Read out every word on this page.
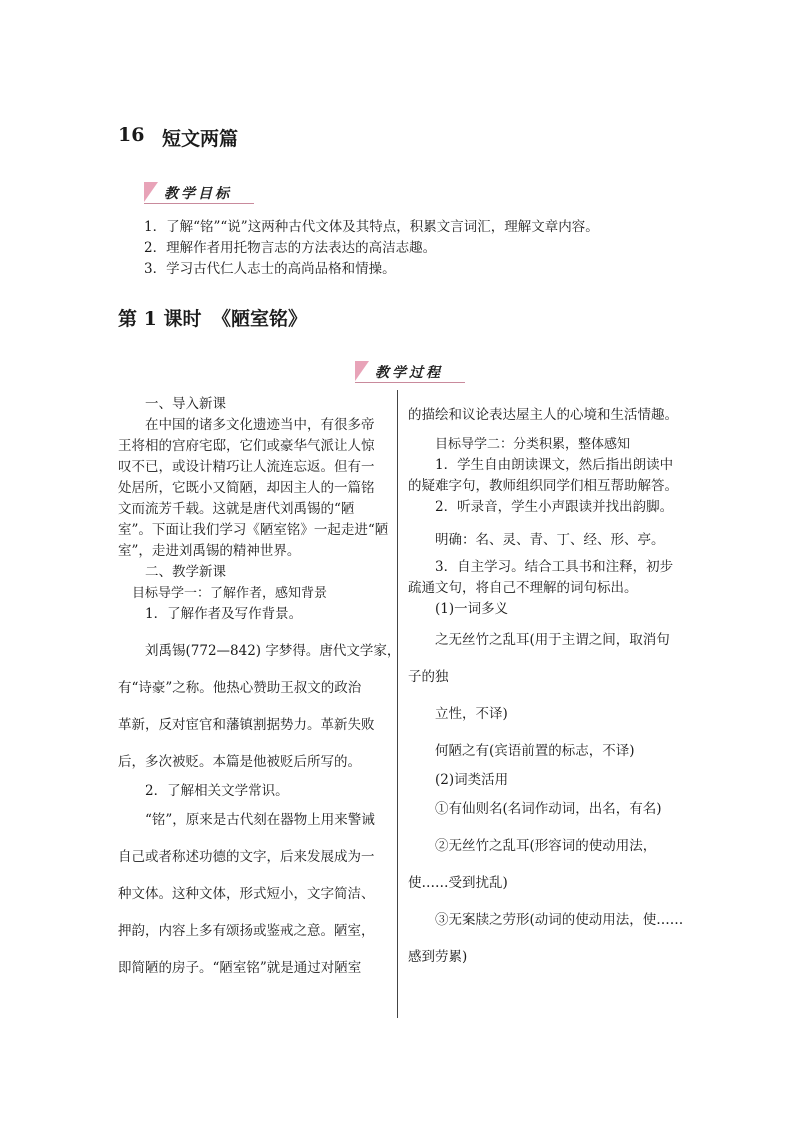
16 短文两篇
教学目标
1．了解“铭”“说”这两种古代文体及其特点，积累文言词汇，理解文章内容。
2．理解作者用托物言志的方法表达的高洁志趣。
3．学习古代仁人志士的高尚品格和情操。
第 1 课时 《陋室铭》
教学过程
一、导入新课
在中国的诸多文化遗迹当中，有很多帝
王将相的宫府宅邸，它们或豪华气派让人惊
叹不已，或设计精巧让人流连忘返。但有一
处居所，它既小又简陋，却因主人的一篇铭
文而流芳千载。这就是唐代刘禹锡的“陋
室”。下面让我们学习《陋室铭》一起走进“陋
室”，走进刘禹锡的精神世界。
二、教学新课
目标导学一：了解作者，感知背景
1．了解作者及写作背景。
刘禹锡(772—842) 字梦得。唐代文学家，
有“诗豪”之称。他热心赞助王叔文的政治
革新，反对宦官和藩镇割据势力。革新失败
后，多次被贬。本篇是他被贬后所写的。
2．了解相关文学常识。
“铭”，原来是古代刻在器物上用来警诫
自己或者称述功德的文字，后来发展成为一
种文体。这种文体，形式短小，文字简洁、
押韵，内容上多有颂扬或鉴戒之意。陋室，
即简陋的房子。“陋室铭”就是通过对陋室
的描绘和议论表达屋主人的心境和生活情趣。
目标导学二：分类积累，整体感知
1．学生自由朗读课文，然后指出朗读中
的疑难字句，教师组织同学们相互帮助解答。
2．听录音，学生小声跟读并找出韵脚。
明确：名、灵、青、丁、经、形、亭。
3．自主学习。结合工具书和注释，初步
疏通文句，将自己不理解的词句标出。
(1)一词多义
之无丝竹之乱耳(用于主谓之间，取消句
子的独
立性，不译)
何陋之有(宾语前置的标志，不译)
(2)词类活用
①有仙则名(名词作动词，出名，有名)
②无丝竹之乱耳(形容词的使动用法，
使……受到扰乱)
③无案牍之劳形(动词的使动用法，使……
感到劳累)
